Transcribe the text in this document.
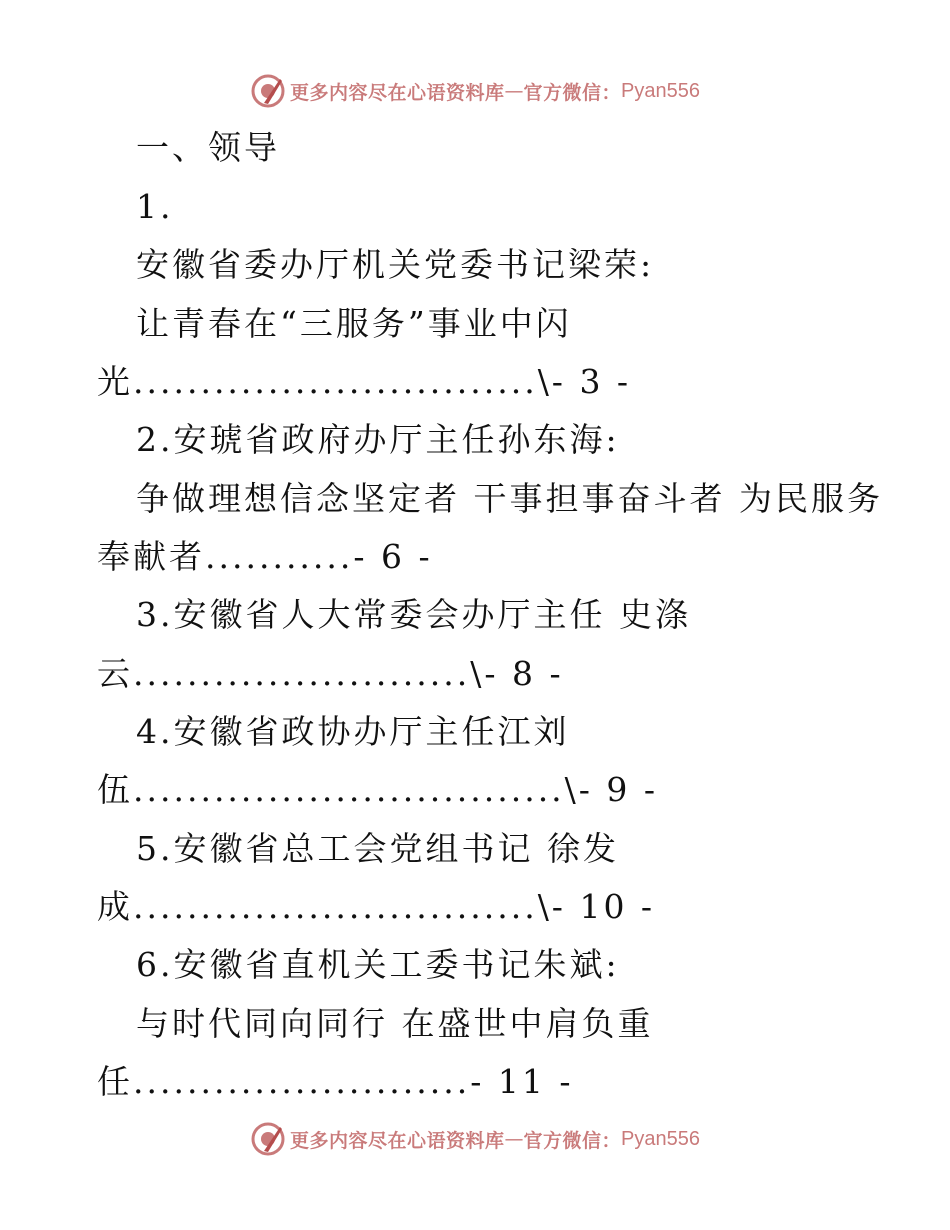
更多内容尽在心语资料库 — 官方微信： Pyan556
一、领导
1.
安徽省委办厅机关党委书记梁荣:
让青春在“三服务”事业中闪
光..............................\- 3 -
2.安琥省政府办厅主任孙东海:
争做理想信念坚定者 干事担事奋斗者 为民服务
奉献者...........- 6 -
3.安徽省人大常委会办厅主任 史涤
云.........................\- 8 -
4.安徽省政协办厅主任江刘
伍................................\- 9 -
5.安徽省总工会党组书记 徐发
成..............................\- 10 -
6.安徽省直机关工委书记朱斌:
与时代同向同行 在盛世中肩负重
任.........................- 11 -
更多内容尽在心语资料库 — 官方微信： Pyan556
